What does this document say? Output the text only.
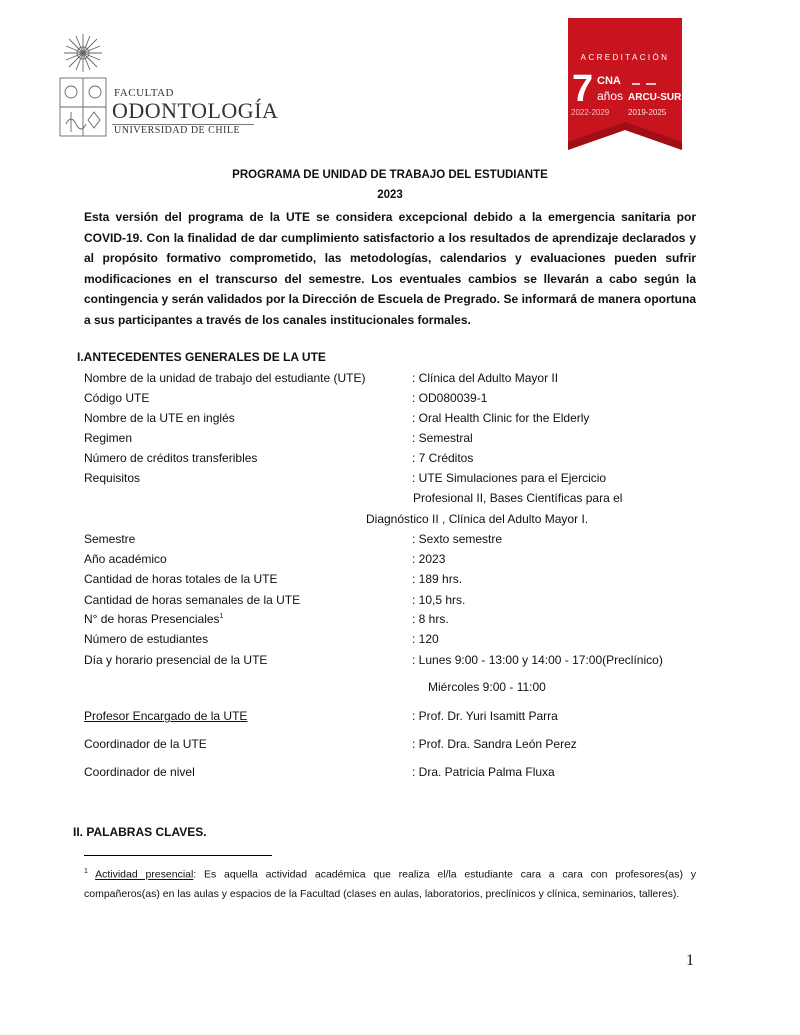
FACULTAD
ODONTOLOGÍA
UNIVERSIDAD DE CHILE
ACREDITACIÓN
7 CNA
años ARCU-SUR
2022-2029 2019-2025
PROGRAMA DE UNIDAD DE TRABAJO DEL ESTUDIANTE
2023
Esta versión del programa de la UTE se considera excepcional debido a la emergencia sanitaria por COVID-19. Con la finalidad de dar cumplimiento satisfactorio a los resultados de aprendizaje declarados y al propósito formativo comprometido, las metodologías, calendarios y evaluaciones pueden sufrir modificaciones en el transcurso del semestre. Los eventuales cambios se llevarán a cabo según la contingencia y serán validados por la Dirección de Escuela de Pregrado. Se informará de manera oportuna a sus participantes a través de los canales institucionales formales.
I.ANTECEDENTES GENERALES DE LA UTE
Nombre de la unidad de trabajo del estudiante (UTE)	: Clínica del Adulto Mayor II
Código UTE	: OD080039-1
Nombre de la UTE en inglés	: Oral Health Clinic for the Elderly
Regimen	: Semestral
Número de créditos transferibles	: 7 Créditos
Requisitos	: UTE Simulaciones para el Ejercicio
Profesional II, Bases Científicas para el
Diagnóstico II , Clínica del Adulto Mayor I.
Semestre	: Sexto semestre
Año académico	: 2023
Cantidad de horas totales de la UTE	: 189 hrs.
Cantidad de horas semanales de la UTE	: 10,5 hrs.
N° de horas Presenciales$^1$	: 8 hrs.
Número de estudiantes	: 120
Día y horario presencial de la UTE	: Lunes 9:00 - 13:00 y 14:00 - 17:00(Preclínico)
Miércoles 9:00 - 11:00
Profesor Encargado de la UTE	: Prof. Dr. Yuri Isamitt Parra
Coordinador de la UTE	: Prof. Dra. Sandra León Perez
Coordinador de nivel	: Dra. Patricia Palma Fluxa
II. PALABRAS CLAVES.
$^1$ Actividad presencial: Es aquella actividad académica que realiza el/la estudiante cara a cara con profesores(as) y compañeros(as) en las aulas y espacios de la Facultad (clases en aulas, laboratorios, preclínicos y clínica, seminarios, talleres).
1
